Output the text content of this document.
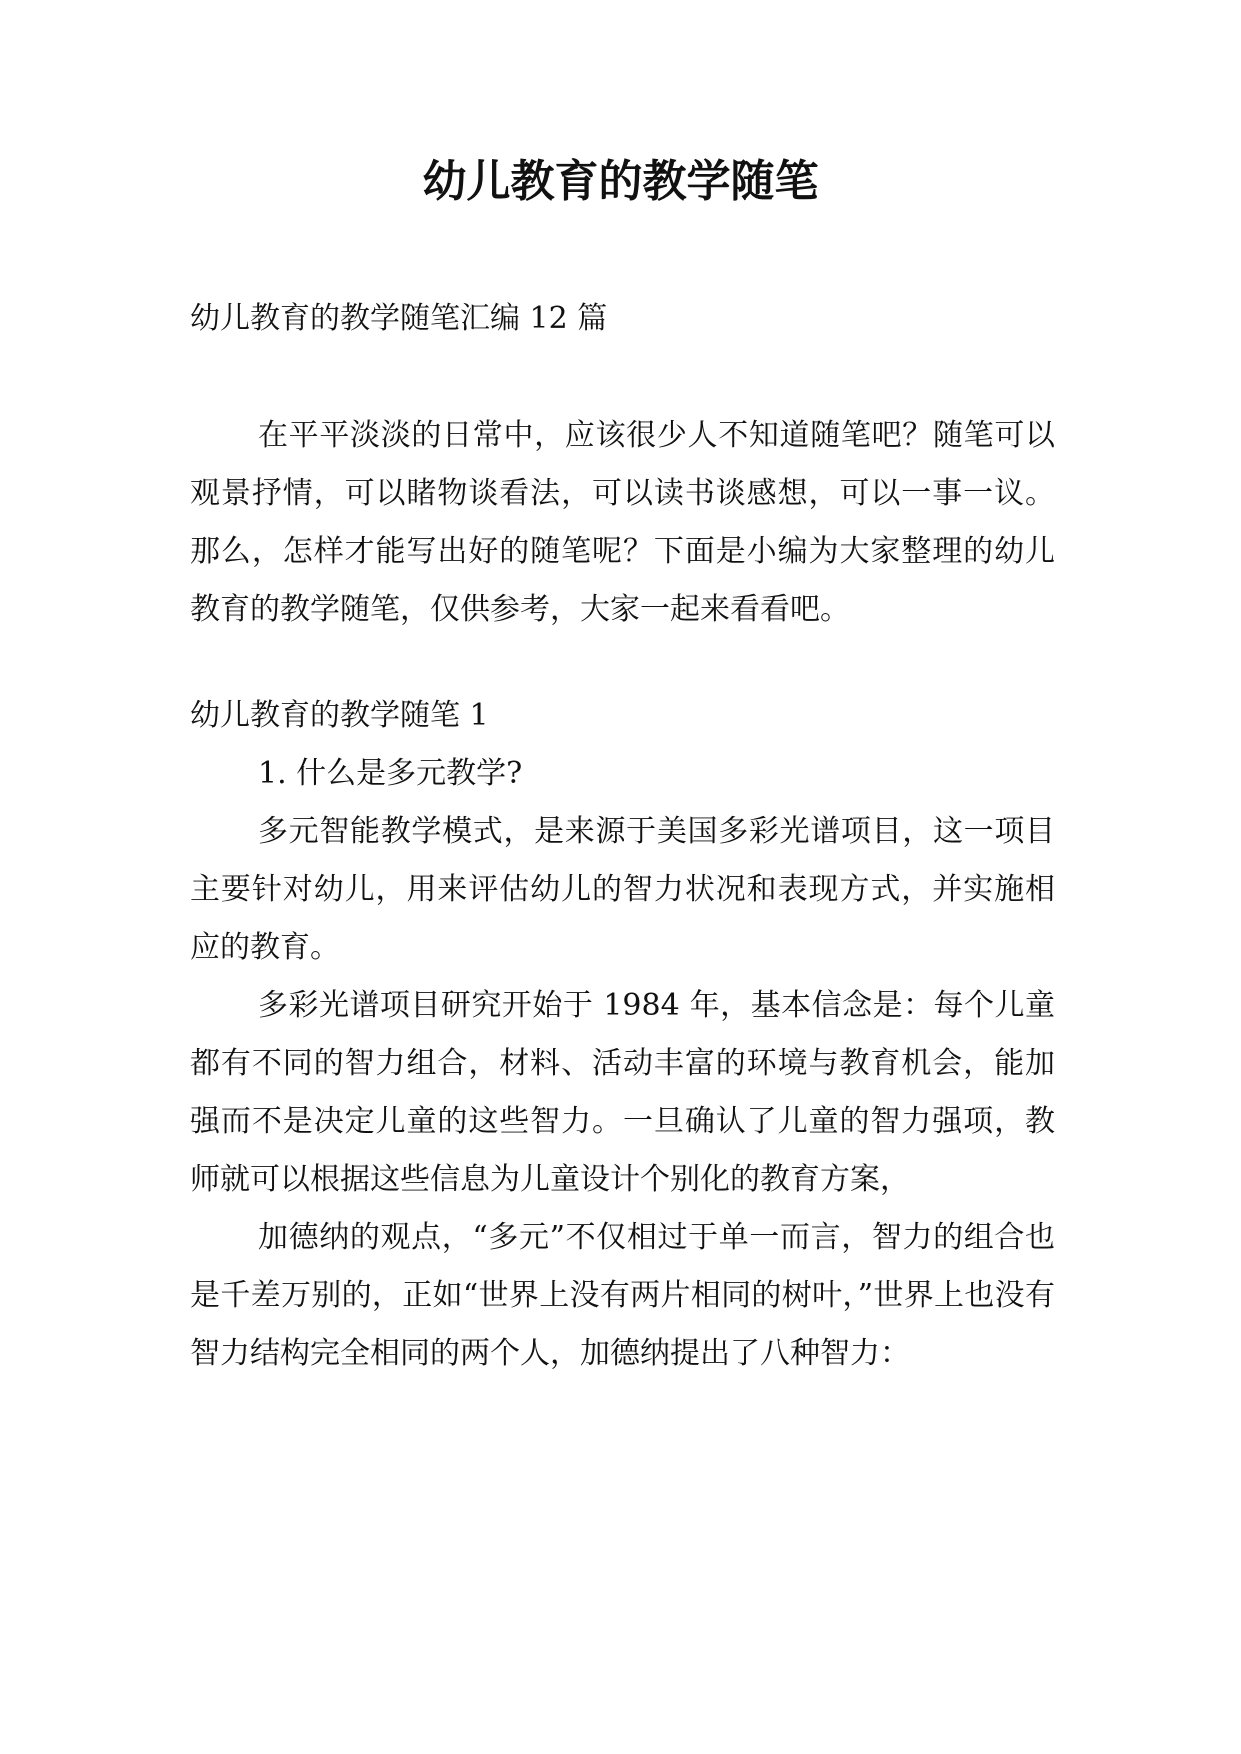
幼儿教育的教学随笔

幼儿教育的教学随笔汇编 12 篇

在平平淡淡的日常中，应该很少人不知道随笔吧？随笔可以观景抒情，可以睹物谈看法，可以读书谈感想，可以一事一议。那么，怎样才能写出好的随笔呢？下面是小编为大家整理的幼儿教育的教学随笔，仅供参考，大家一起来看看吧。

幼儿教育的教学随笔 1

1. 什么是多元教学?

多元智能教学模式，是来源于美国多彩光谱项目，这一项目主要针对幼儿，用来评估幼儿的智力状况和表现方式，并实施相应的教育。

多彩光谱项目研究开始于 1984 年，基本信念是：每个儿童都有不同的智力组合，材料、活动丰富的环境与教育机会，能加强而不是决定儿童的这些智力。一旦确认了儿童的智力强项，教师就可以根据这些信息为儿童设计个别化的教育方案，

加德纳的观点，“多元”不仅相过于单一而言，智力的组合也是千差万别的，正如“世界上没有两片相同的树叶，”世界上也没有智力结构完全相同的两个人，加德纳提出了八种智力：
